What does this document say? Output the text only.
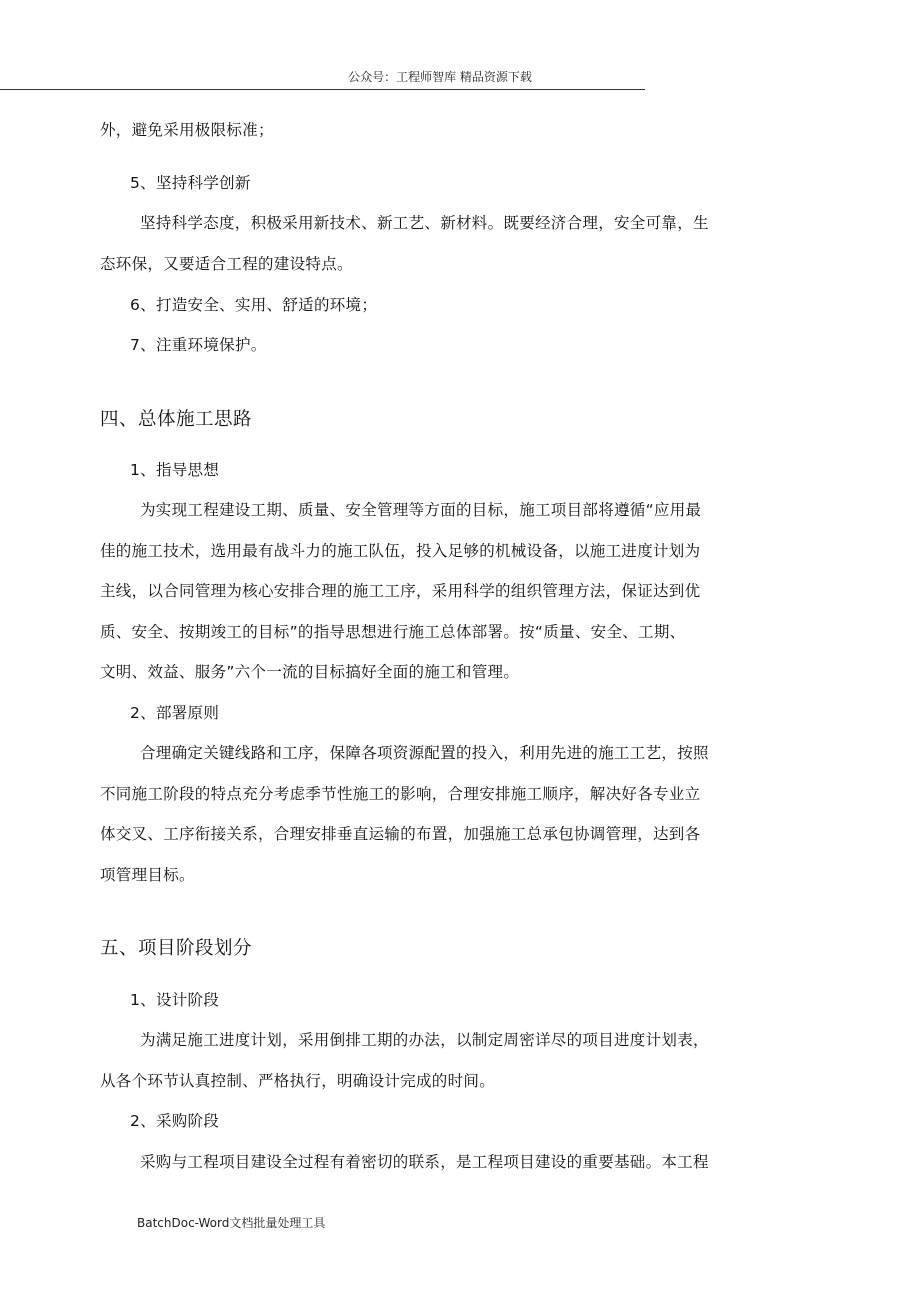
公众号：工程师智库 精品资源下载
外，避免采用极限标准；
5、坚持科学创新
坚持科学态度，积极采用新技术、新工艺、新材料。既要经济合理，安全可靠，生
态环保，又要适合工程的建设特点。
6、打造安全、实用、舒适的环境；
7、注重环境保护。
四、总体施工思路
1、指导思想
为实现工程建设工期、质量、安全管理等方面的目标，施工项目部将遵循“应用最
佳的施工技术，选用最有战斗力的施工队伍，投入足够的机械设备，以施工进度计划为
主线，以合同管理为核心安排合理的施工工序，采用科学的组织管理方法，保证达到优
质、安全、按期竣工的目标”的指导思想进行施工总体部署。按“质量、安全、工期、
文明、效益、服务”六个一流的目标搞好全面的施工和管理。
2、部署原则
合理确定关键线路和工序，保障各项资源配置的投入，利用先进的施工工艺，按照
不同施工阶段的特点充分考虑季节性施工的影响，合理安排施工顺序，解决好各专业立
体交叉、工序衔接关系，合理安排垂直运输的布置，加强施工总承包协调管理，达到各
项管理目标。
五、项目阶段划分
1、设计阶段
为满足施工进度计划，采用倒排工期的办法，以制定周密详尽的项目进度计划表，
从各个环节认真控制、严格执行，明确设计完成的时间。
2、采购阶段
采购与工程项目建设全过程有着密切的联系，是工程项目建设的重要基础。本工程
BatchDoc-Word文档批量处理工具
